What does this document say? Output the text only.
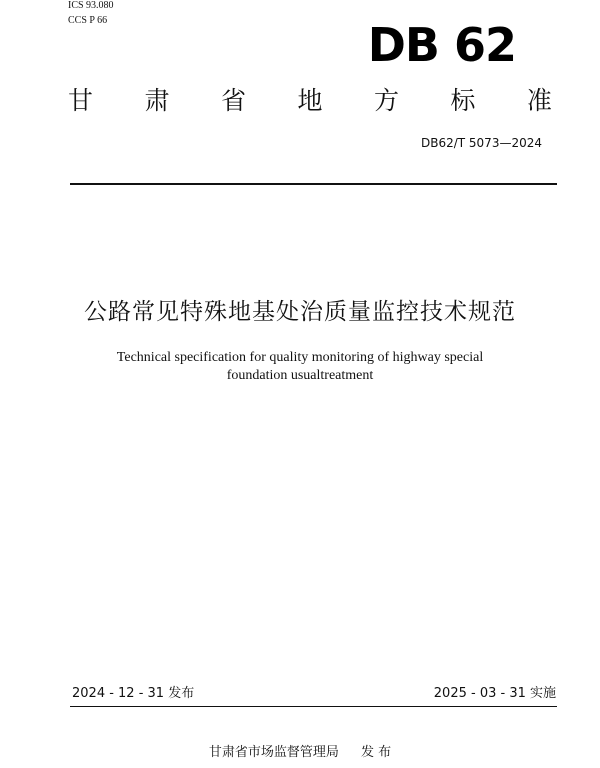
ICS 93.080
CCS P 66	DB 62
甘 肃 省 地 方 标 准
DB62/T 5073—2024
公路常见特殊地基处治质量监控技术规范
Technical specification for quality monitoring of highway special
foundation usualtreatment
2024 - 12 - 31 发布	2025 - 03 - 31 实施
甘肃省市场监督管理局 发 布
